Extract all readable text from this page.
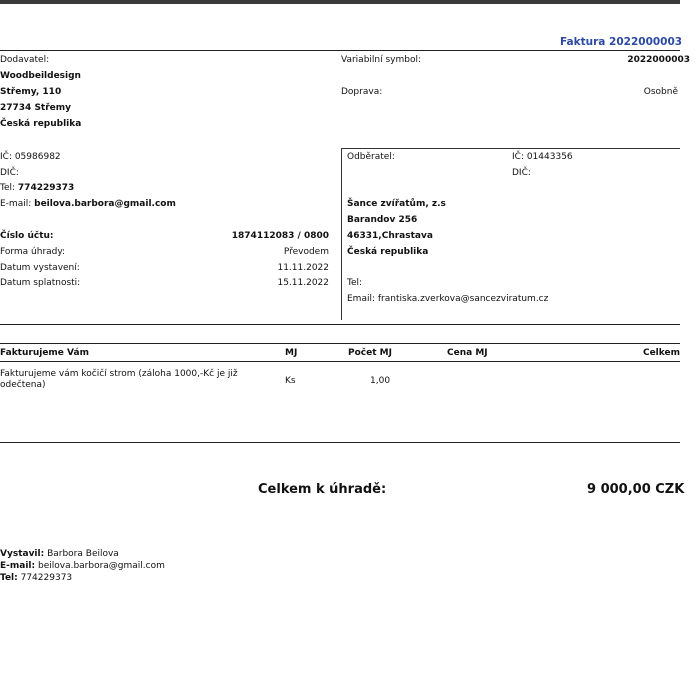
Faktura 2022000003
Dodavatel:
Woodbeildesign
Střemy, 110
27734 Střemy
Česká republika
IČ: 05986982
DIČ:
Tel: 774229373
E-mail: beilova.barbora@gmail.com
Číslo účtu:	1874112083 / 0800
Forma úhrady:	Převodem
Datum vystavení:	11.11.2022
Datum splatnosti:	15.11.2022
Variabilní symbol:	2022000003
Doprava:	Osobně
Odběratel:	IČ: 01443356
DIČ:
Šance zvířatům, z.s
Barandov 256
46331,Chrastava
Česká republika
Tel:
Email: frantiska.zverkova@sancezviratum.cz
Fakturujeme Vám	MJ	Počet MJ	Cena MJ	Celkem
Fakturujeme vám kočičí strom (záloha 1000,-Kč je již
odečtena)	Ks	1,00
Celkem k úhradě:	9 000,00 CZK
Vystavil: Barbora Beilova
E-mail: beilova.barbora@gmail.com
Tel: 774229373
